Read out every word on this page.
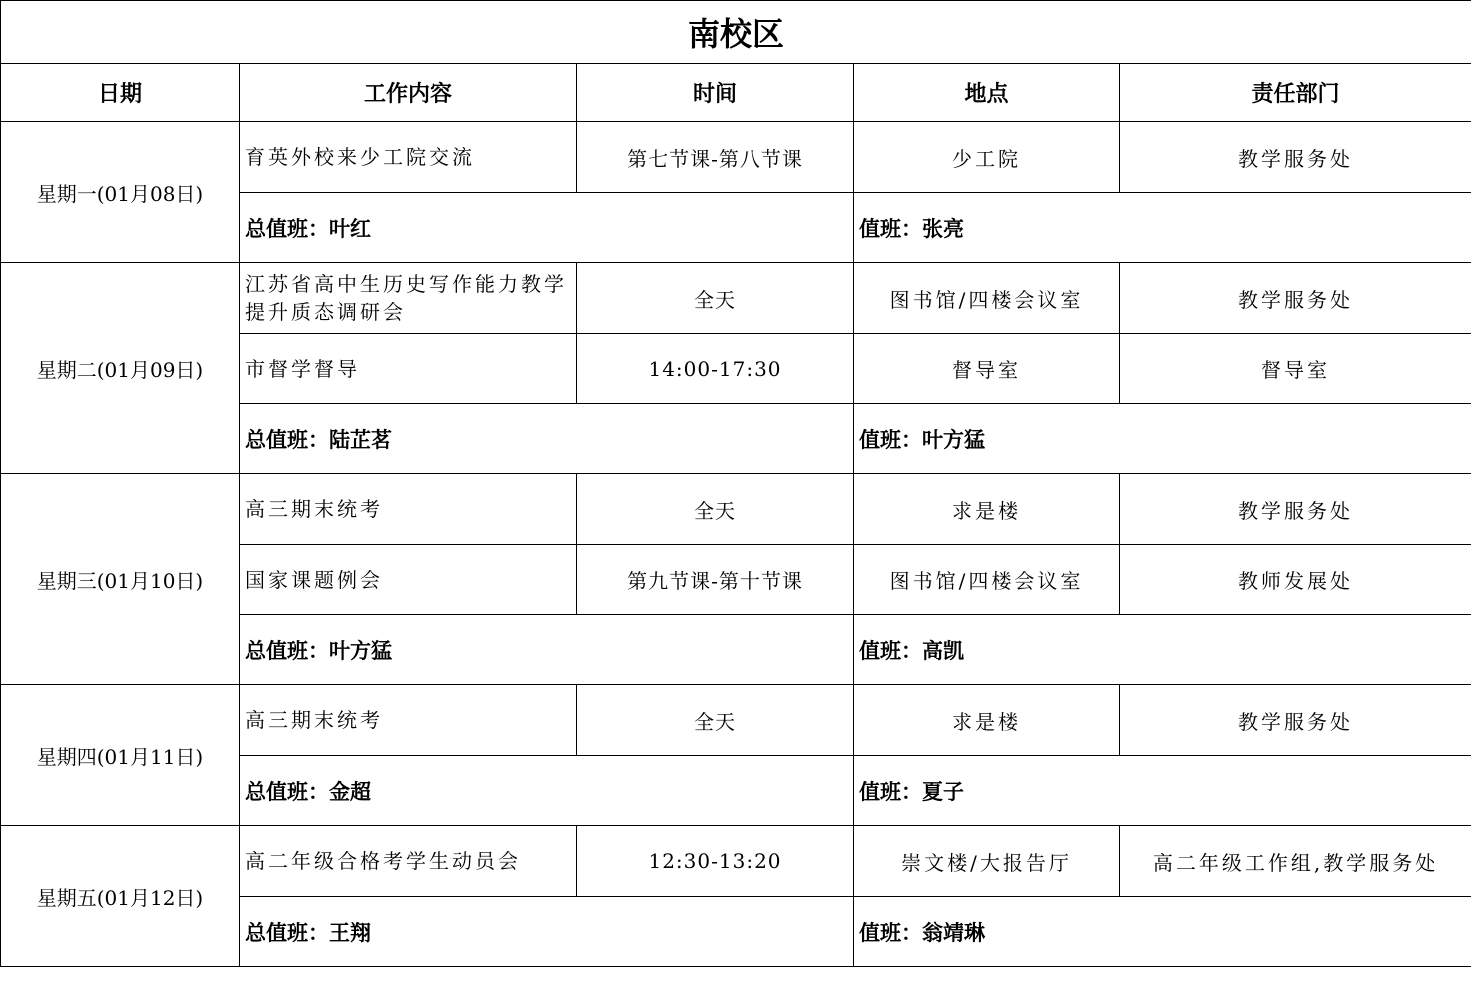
南校区				
日期	工作内容	时间	地点	责任部门
星期一(01月08日)	育英外校来少工院交流	第七节课-第八节课	少工院	教学服务处
	总值班：叶红		值班：张亮	
星期二(01月09日)	江苏省高中生历史写作能力教学提升质态调研会	全天	图书馆/四楼会议室	教学服务处
	市督学督导	14:00-17:30	督导室	督导室
	总值班：陆芷茗		值班：叶方猛	
星期三(01月10日)	高三期末统考	全天	求是楼	教学服务处
	国家课题例会	第九节课-第十节课	图书馆/四楼会议室	教师发展处
	总值班：叶方猛		值班：高凯	
星期四(01月11日)	高三期末统考	全天	求是楼	教学服务处
	总值班：金超		值班：夏子	
星期五(01月12日)	高二年级合格考学生动员会	12:30-13:20	崇文楼/大报告厅	高二年级工作组,教学服务处
	总值班：王翔		值班：翁靖琳	
